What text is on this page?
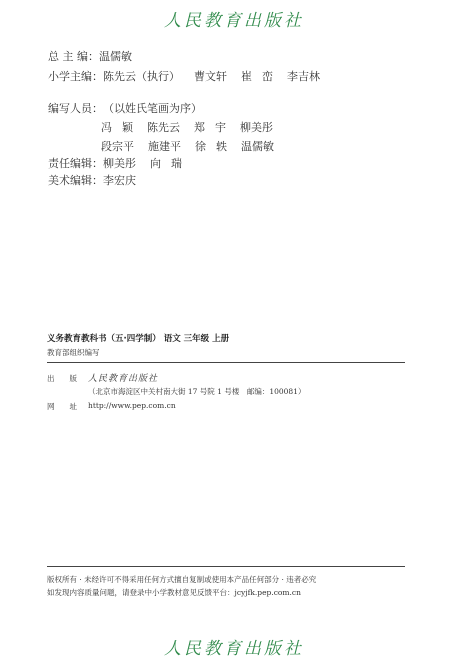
人民教育出版社
总 主 编：温儒敏
小学主编：陈先云（执行） 曹文轩 崔 峦 李吉林
编写人员：（以姓氏笔画为序）
冯 颖 陈先云 郑 宇 柳美彤
段宗平 施建平 徐 轶 温儒敏
责任编辑：柳美彤 向 瑞
美术编辑：李宏庆
义务教育教科书（五·四学制） 语文 三年级 上册
教育部组织编写
出　　版 人民教育出版社
（北京市海淀区中关村南大街 17 号院 1 号楼　邮编：100081）
网　　址 http://www.pep.com.cn
版权所有 · 未经许可不得采用任何方式擅自复制或使用本产品任何部分 · 违者必究
如发现内容质量问题，请登录中小学教材意见反馈平台：jcyjfk.pep.com.cn
人民教育出版社
